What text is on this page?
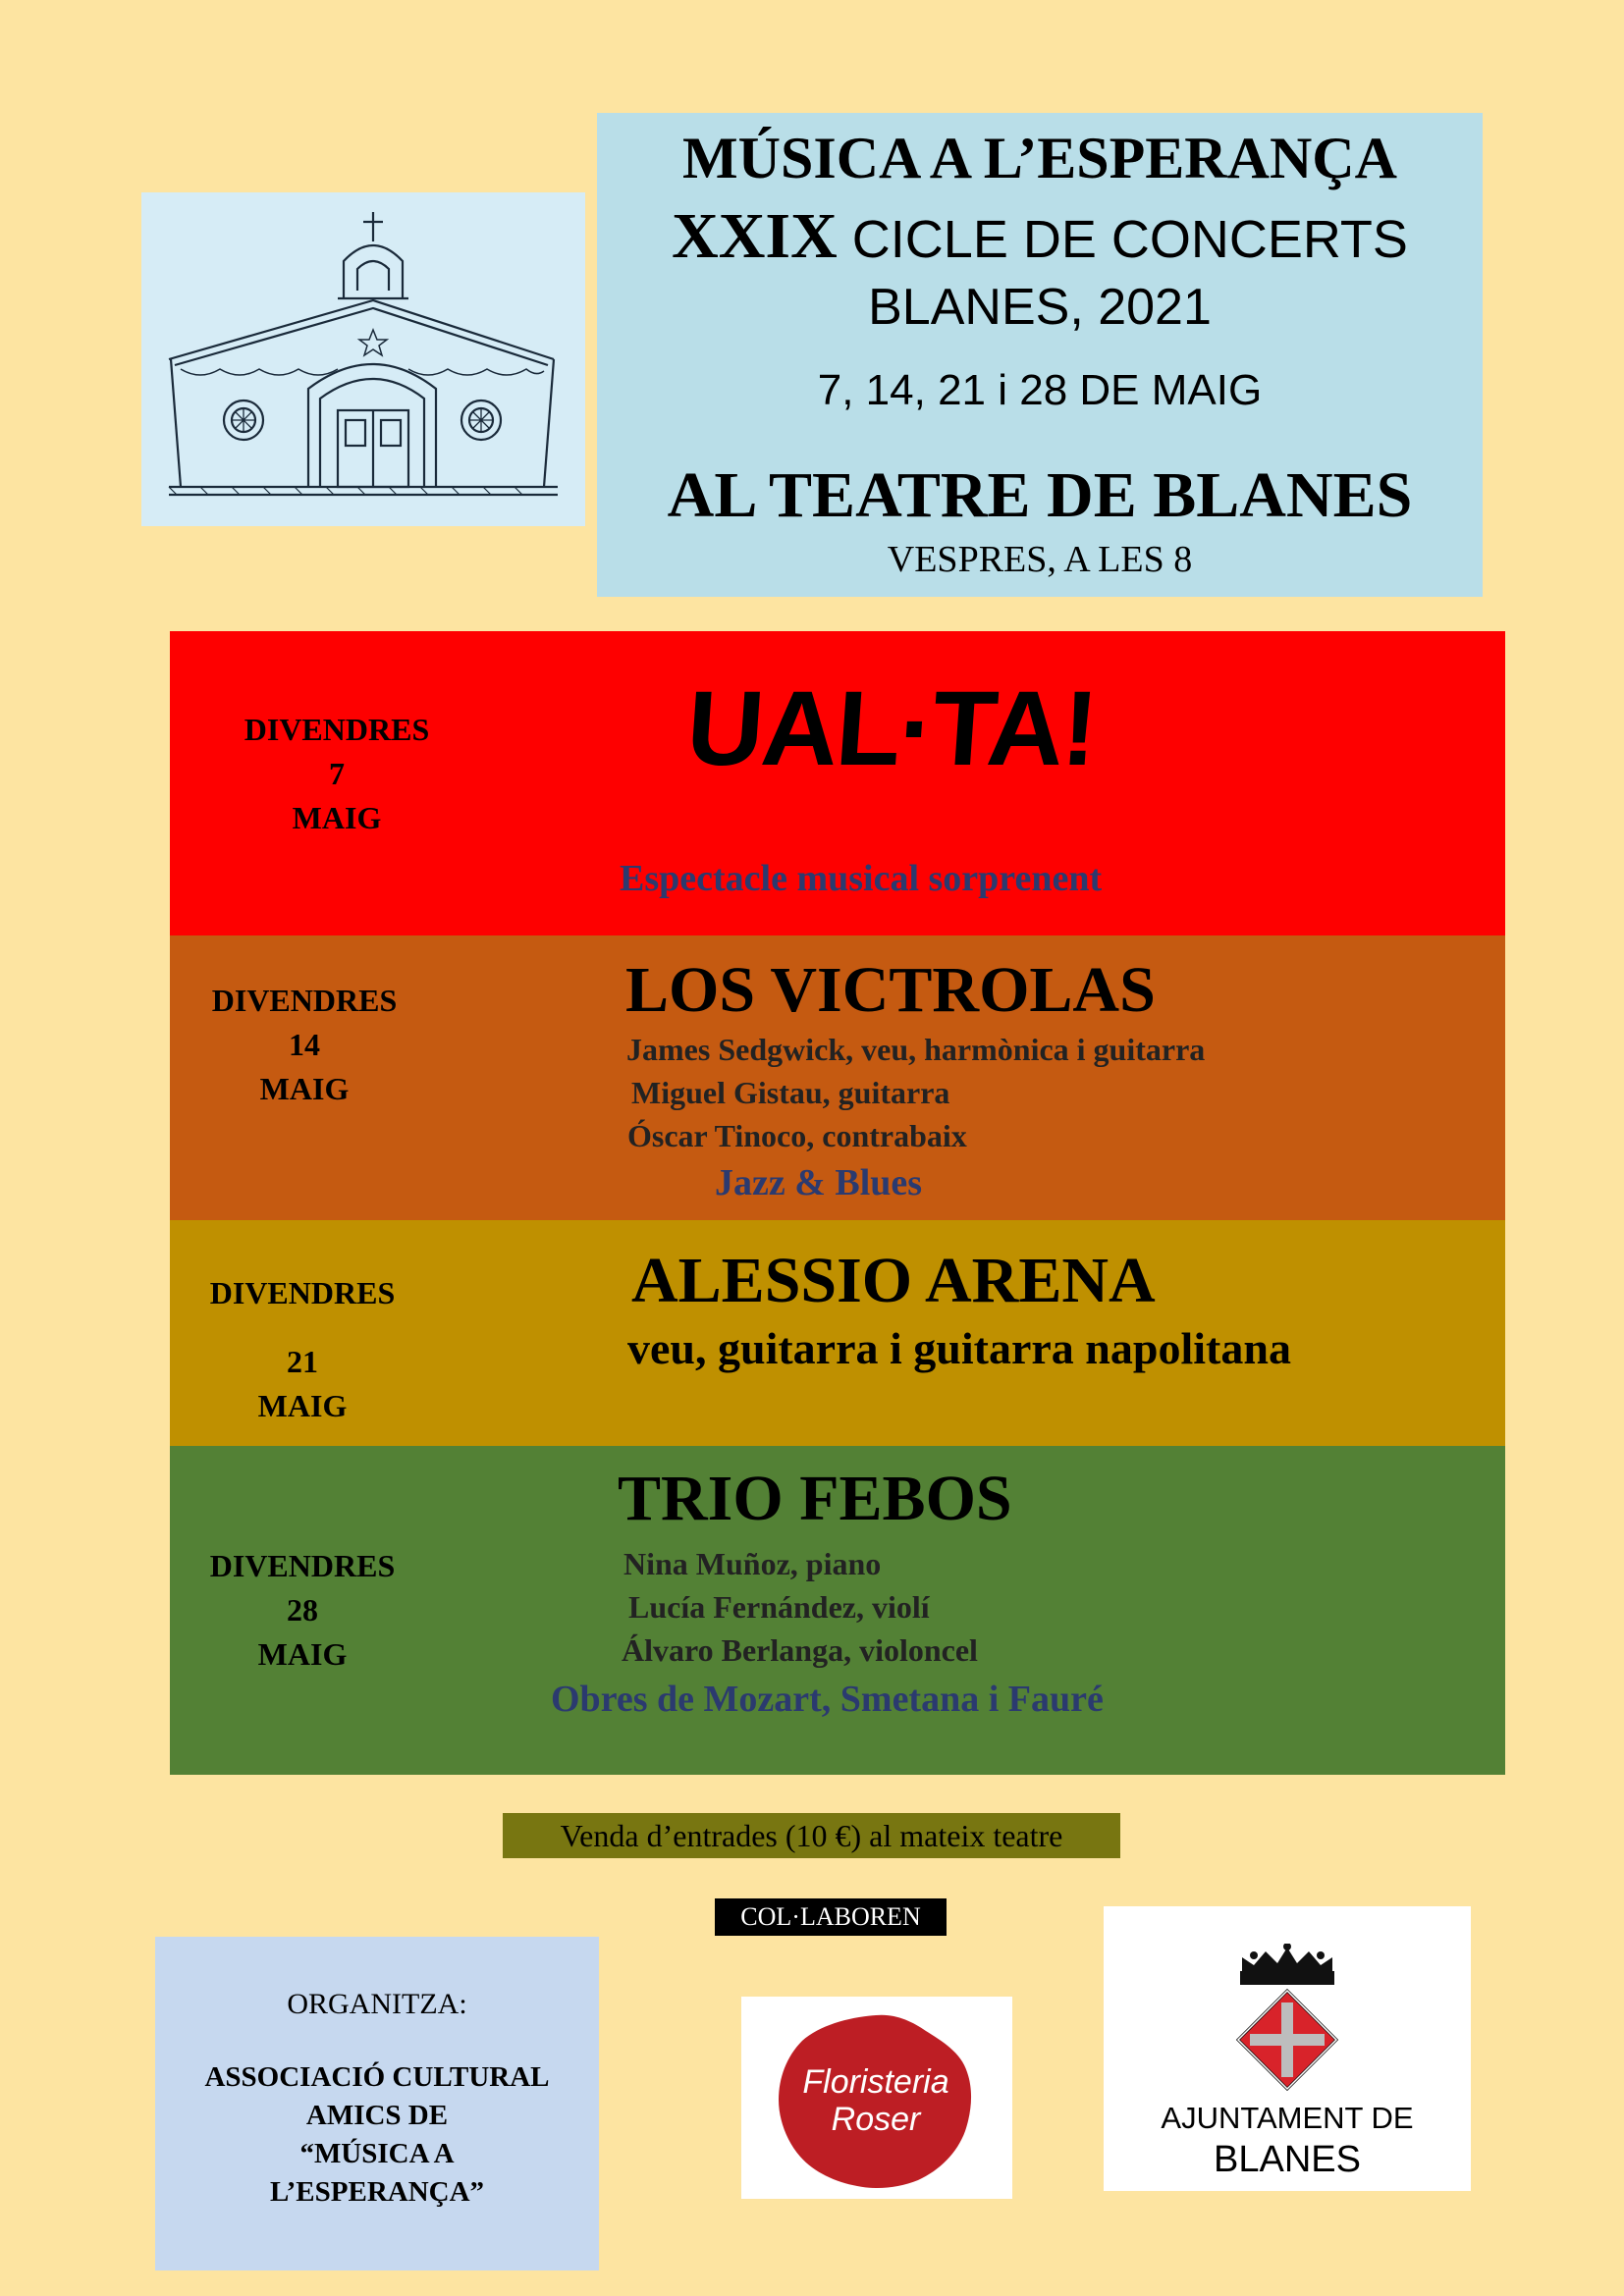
MÚSICA A L’ESPERANÇA
XXIX CICLE DE CONCERTS
BLANES, 2021
7, 14, 21 i 28 DE MAIG
AL TEATRE DE BLANES
VESPRES, A LES 8
DIVENDRES
7
MAIG
UAL·TA!
Espectacle musical sorprenent
DIVENDRES
14
MAIG
LOS VICTROLAS
James Sedgwick, veu, harmònica i guitarra
Miguel Gistau, guitarra
Óscar Tinoco, contrabaix
Jazz & Blues
DIVENDRES
21
MAIG
ALESSIO ARENA
veu, guitarra i guitarra napolitana
DIVENDRES
28
MAIG
TRIO FEBOS
Nina Muñoz, piano
Lucía Fernández, violí
Álvaro Berlanga, violoncel
Obres de Mozart, Smetana i Fauré
Venda d’entrades (10 €) al mateix teatre
COL·LABOREN
ORGANITZA:
ASSOCIACIÓ CULTURAL
AMICS DE
“MÚSICA A
L’ESPERANÇA”
Floristeria
Roser	AJUNTAMENT DE
BLANES
